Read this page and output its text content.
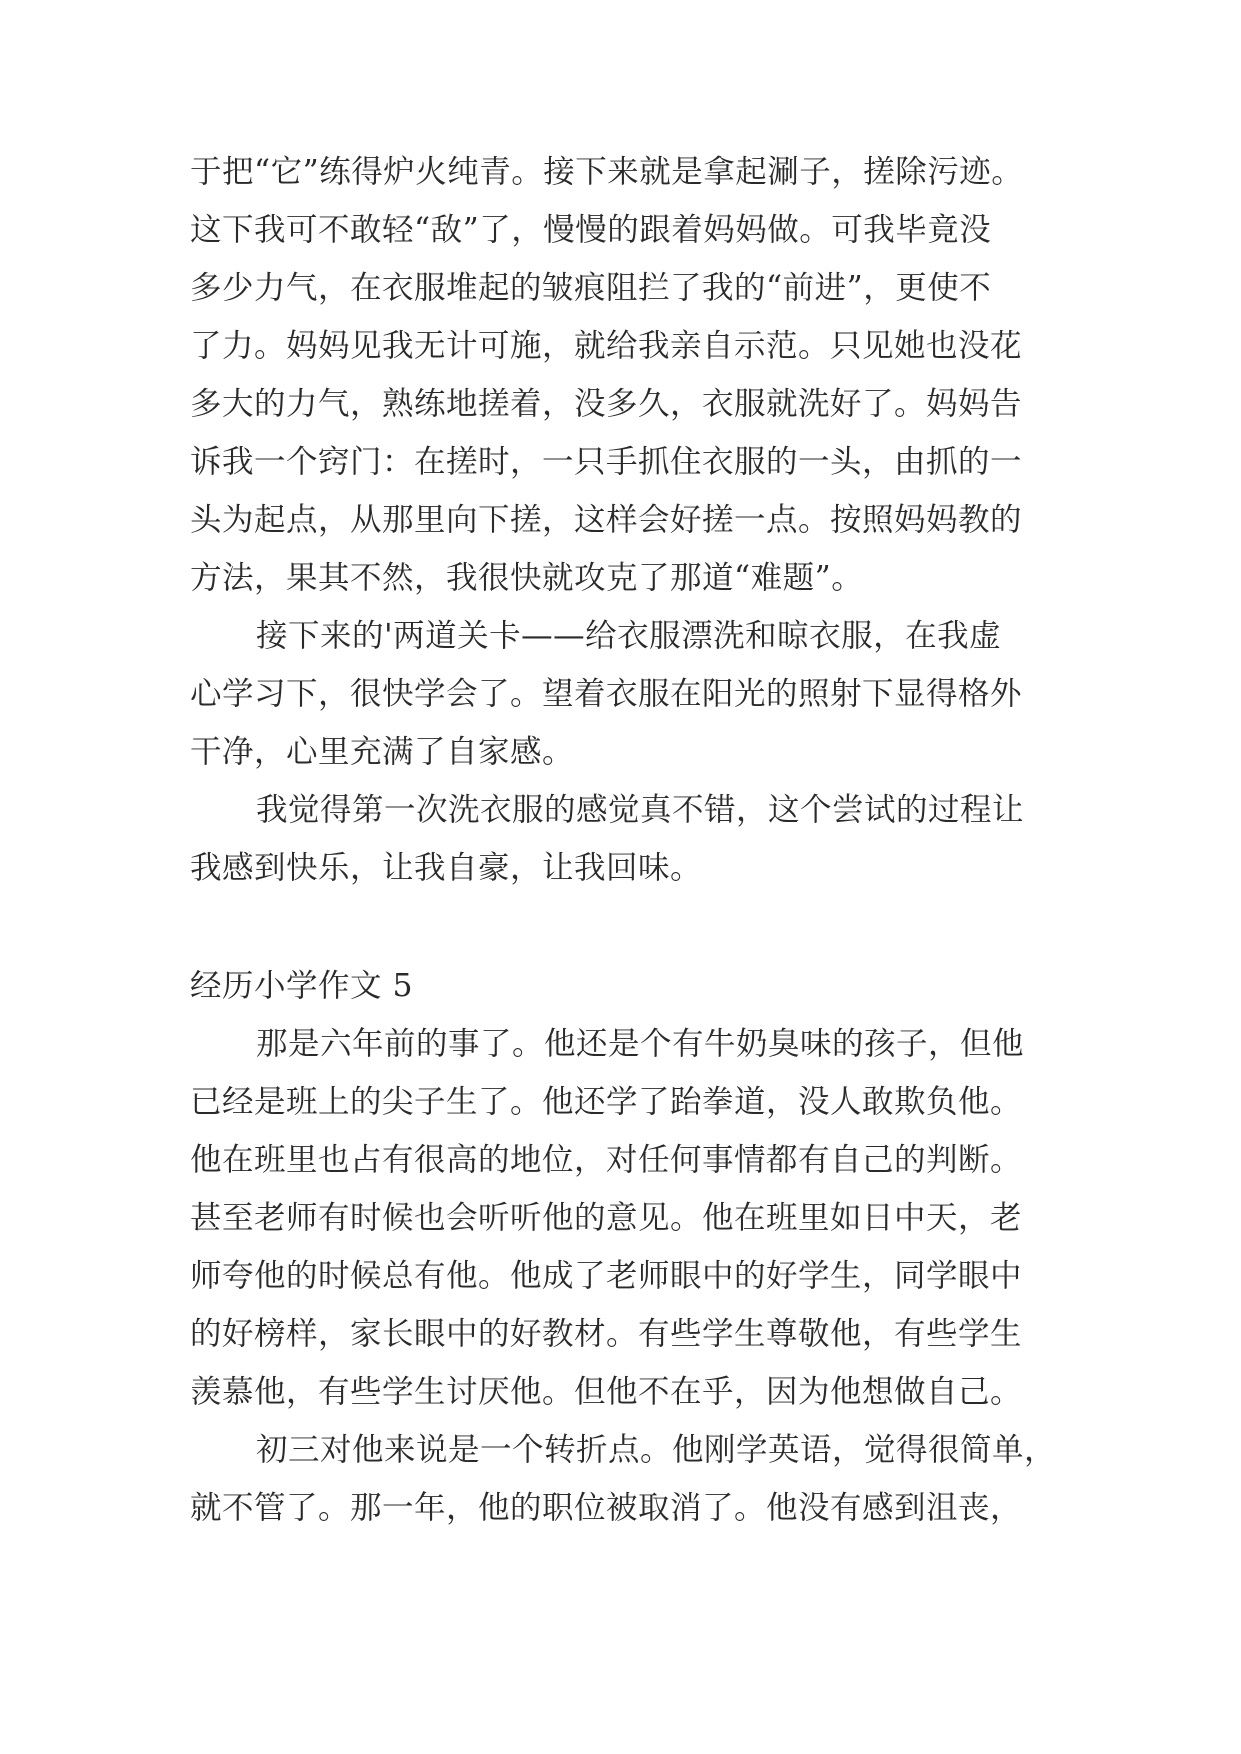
于把“它”练得炉火纯青。接下来就是拿起涮子，搓除污迹。
这下我可不敢轻“敌”了，慢慢的跟着妈妈做。可我毕竟没
多少力气，在衣服堆起的皱痕阻拦了我的“前进”，更使不
了力。妈妈见我无计可施，就给我亲自示范。只见她也没花
多大的力气，熟练地搓着，没多久，衣服就洗好了。妈妈告
诉我一个窍门：在搓时，一只手抓住衣服的一头，由抓的一
头为起点，从那里向下搓，这样会好搓一点。按照妈妈教的
方法，果其不然，我很快就攻克了那道“难题”。
接下来的'两道关卡——给衣服漂洗和晾衣服，在我虚
心学习下，很快学会了。望着衣服在阳光的照射下显得格外
干净，心里充满了自家感。
我觉得第一次洗衣服的感觉真不错，这个尝试的过程让
我感到快乐，让我自豪，让我回味。
经历小学作文 5
那是六年前的事了。他还是个有牛奶臭味的孩子，但他
已经是班上的尖子生了。他还学了跆拳道，没人敢欺负他。
他在班里也占有很高的地位，对任何事情都有自己的判断。
甚至老师有时候也会听听他的意见。他在班里如日中天，老
师夸他的时候总有他。他成了老师眼中的好学生，同学眼中
的好榜样，家长眼中的好教材。有些学生尊敬他，有些学生
羡慕他，有些学生讨厌他。但他不在乎，因为他想做自己。
初三对他来说是一个转折点。他刚学英语，觉得很简单，
就不管了。那一年，他的职位被取消了。他没有感到沮丧，
